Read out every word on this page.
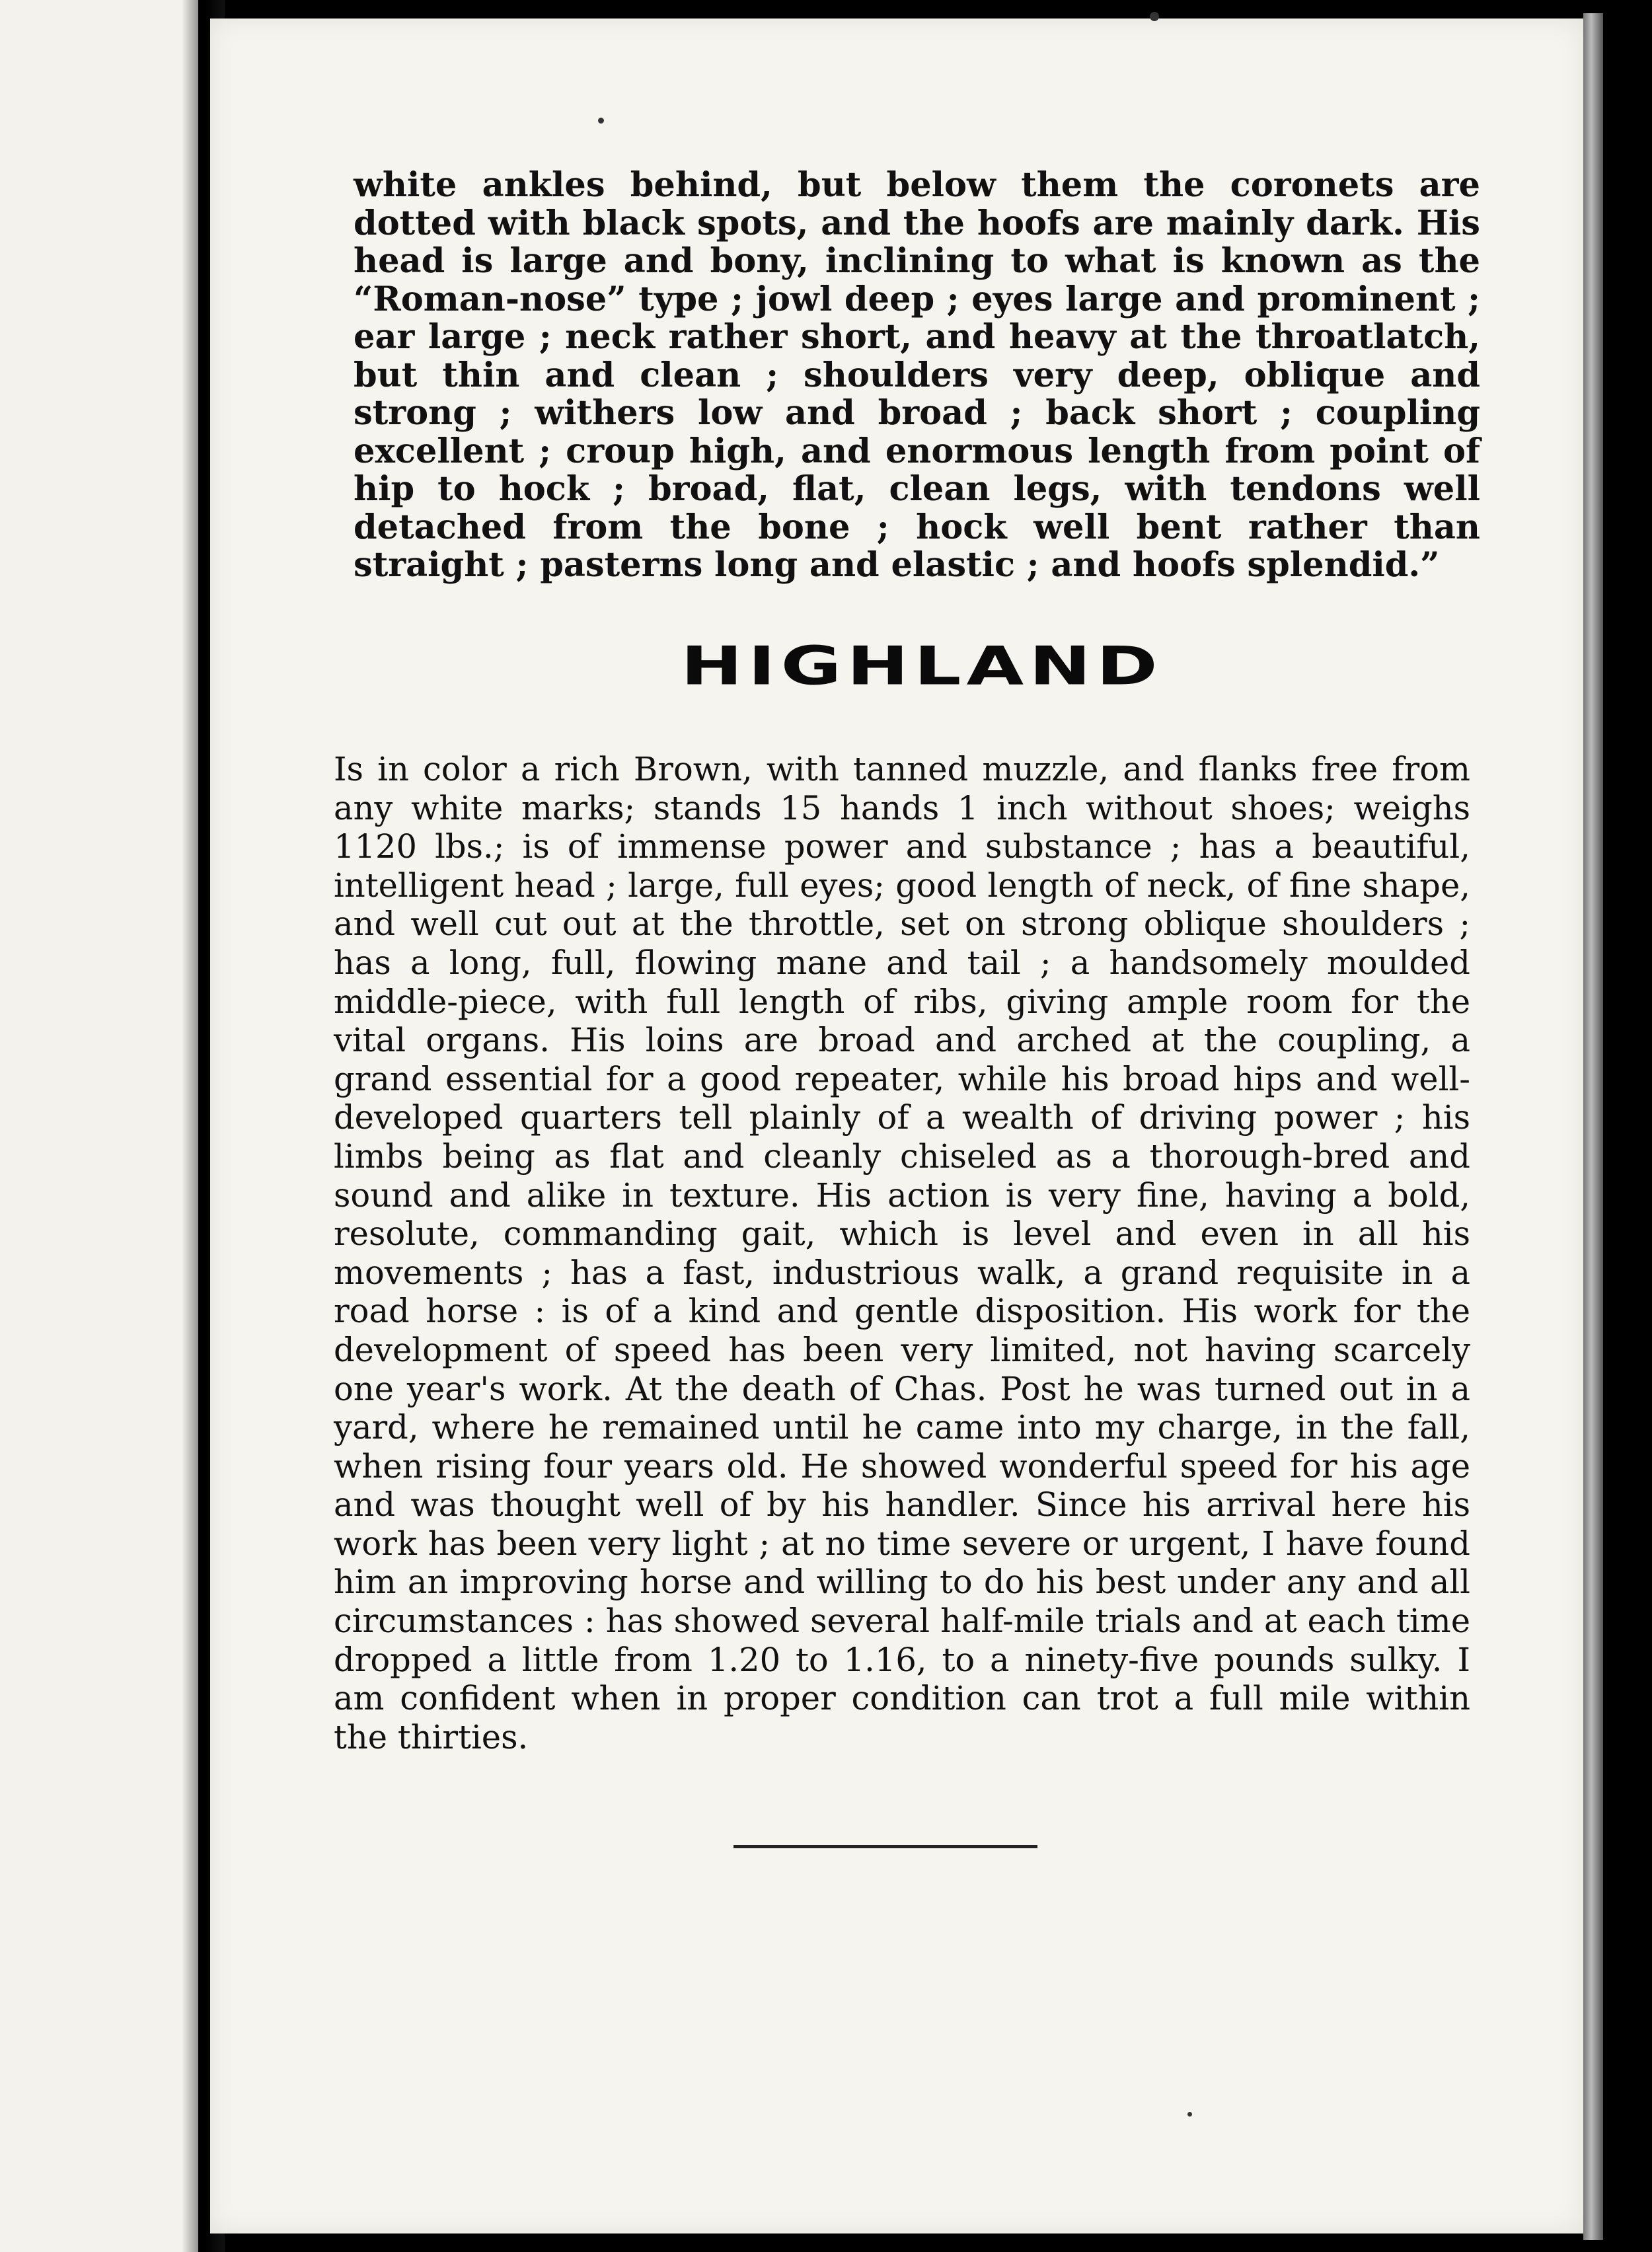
white ankles behind, but below them the coronets are dotted with black spots, and the hoofs are mainly dark. His head is large and bony, inclining to what is known as the “Roman-nose” type ; jowl deep ; eyes large and prominent ; ear large ; neck rather short, and heavy at the throatlatch, but thin and clean ; shoulders very deep, oblique and strong ; withers low and broad ; back short ; coupling excellent ; croup high, and enormous length from point of hip to hock ; broad, flat, clean legs, with tendons well detached from the bone ; hock well bent rather than straight ; pasterns long and elastic ; and hoofs splendid.”
HIGHLAND
Is in color a rich Brown, with tanned muzzle, and flanks free from any white marks; stands 15 hands 1 inch without shoes; weighs 1120 lbs.; is of immense power and substance ; has a beautiful, intelligent head ; large, full eyes; good length of neck, of fine shape, and well cut out at the throttle, set on strong oblique shoulders ; has a long, full, flowing mane and tail ; a handsomely moulded middle-piece, with full length of ribs, giving ample room for the vital organs. His loins are broad and arched at the coupling, a grand essential for a good repeater, while his broad hips and well-developed quarters tell plainly of a wealth of driving power ; his limbs being as flat and cleanly chiseled as a thorough-bred and sound and alike in texture. His action is very fine, having a bold, resolute, commanding gait, which is level and even in all his movements ; has a fast, industrious walk, a grand requisite in a road horse : is of a kind and gentle disposition. His work for the development of speed has been very limited, not having scarcely one year's work. At the death of Chas. Post he was turned out in a yard, where he remained until he came into my charge, in the fall, when rising four years old. He showed wonderful speed for his age and was thought well of by his handler. Since his arrival here his work has been very light ; at no time severe or urgent, I have found him an improving horse and willing to do his best under any and all circumstances : has showed several half-mile trials and at each time dropped a little from 1.20 to 1.16, to a ninety-five pounds sulky. I am confident when in proper condition can trot a full mile within the thirties.
